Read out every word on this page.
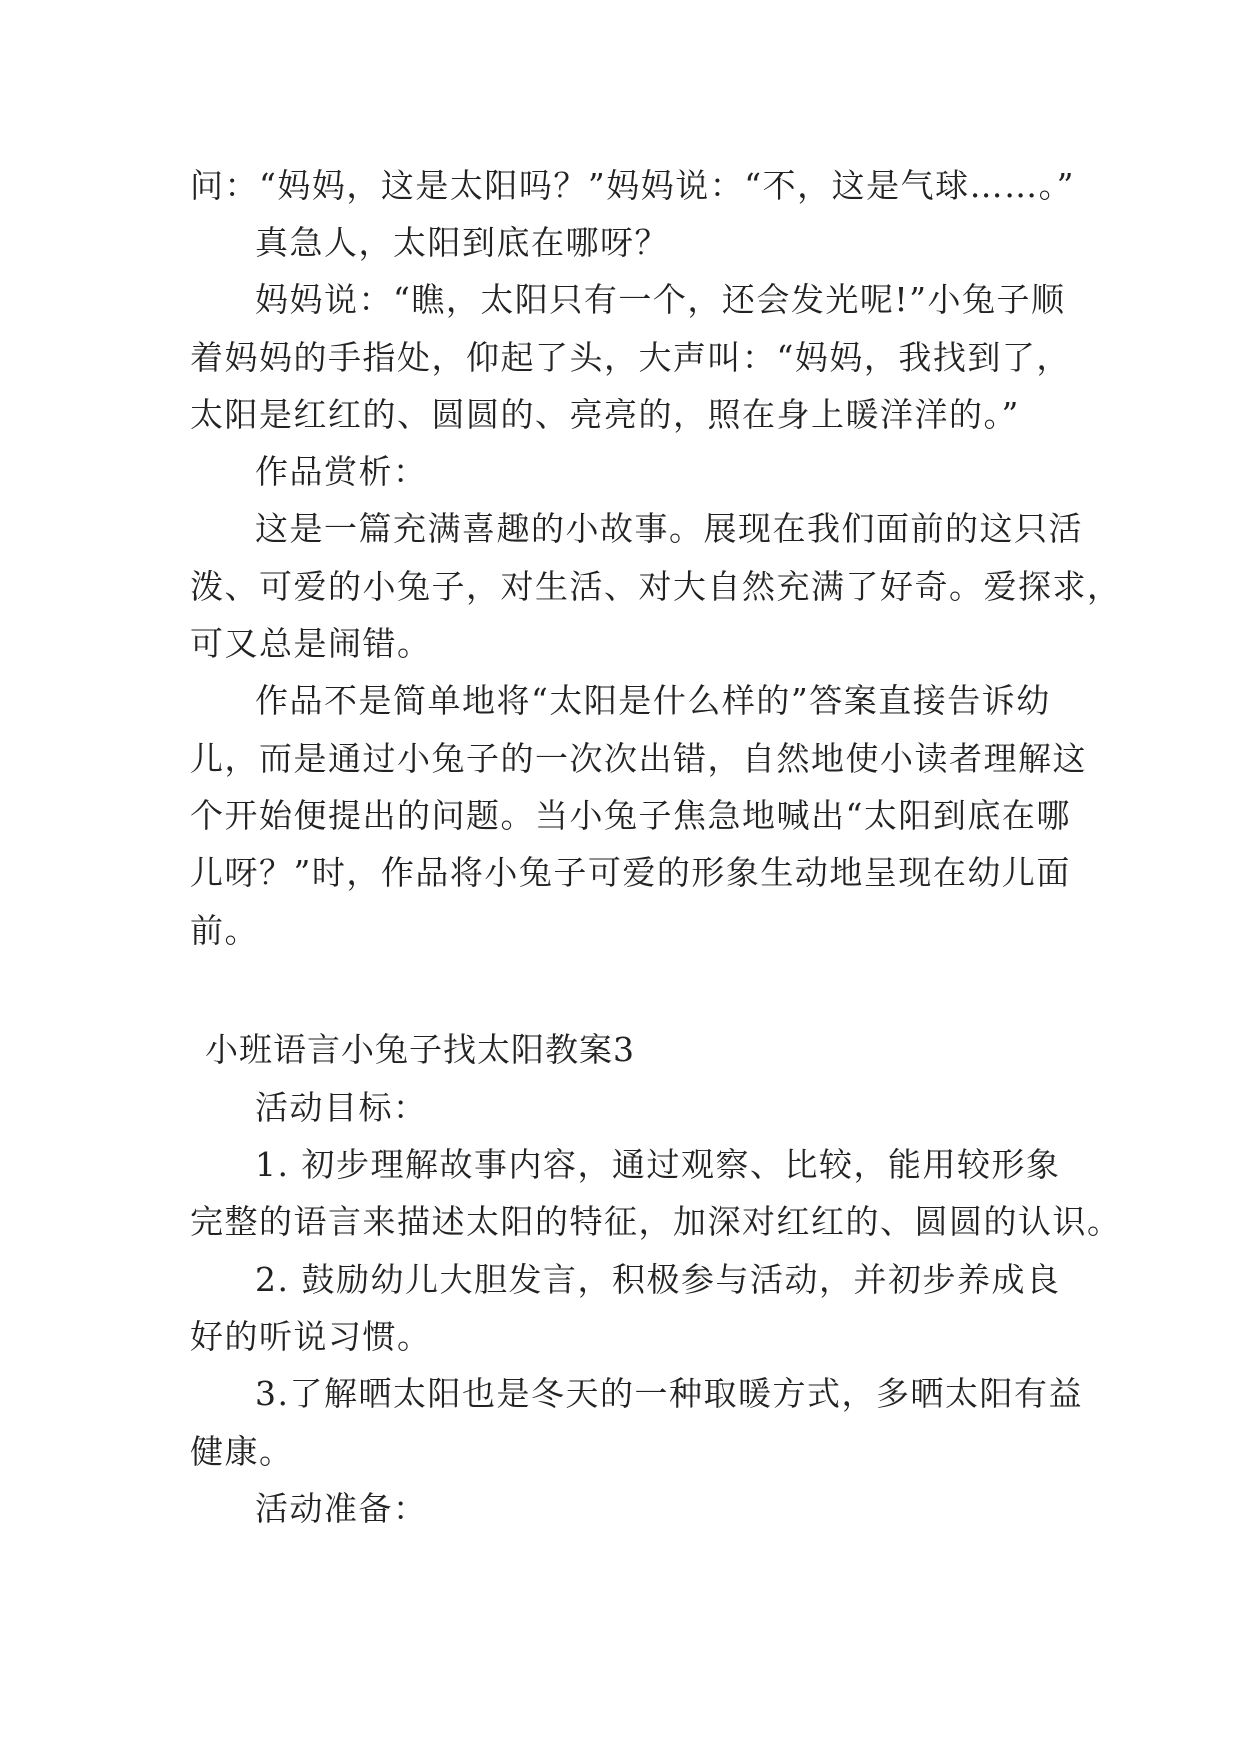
问：“妈妈，这是太阳吗？”妈妈说：“不，这是气球……。”
真急人，太阳到底在哪呀？
妈妈说：“瞧，太阳只有一个，还会发光呢!”小兔子顺
着妈妈的手指处，仰起了头，大声叫：“妈妈，我找到了，
太阳是红红的、圆圆的、亮亮的，照在身上暖洋洋的。”
作品赏析：
这是一篇充满喜趣的小故事。展现在我们面前的这只活
泼、可爱的小兔子，对生活、对大自然充满了好奇。爱探求，
可又总是闹错。
作品不是简单地将“太阳是什么样的”答案直接告诉幼
儿，而是通过小兔子的一次次出错，自然地使小读者理解这
个开始便提出的问题。当小兔子焦急地喊出“太阳到底在哪
儿呀？”时，作品将小兔子可爱的形象生动地呈现在幼儿面
前。
小班语言小兔子找太阳教案3
活动目标：
1. 初步理解故事内容，通过观察、比较，能用较形象
完整的语言来描述太阳的特征，加深对红红的、圆圆的认识。
2. 鼓励幼儿大胆发言，积极参与活动，并初步养成良
好的听说习惯。
3.了解晒太阳也是冬天的一种取暖方式，多晒太阳有益
健康。
活动准备：
